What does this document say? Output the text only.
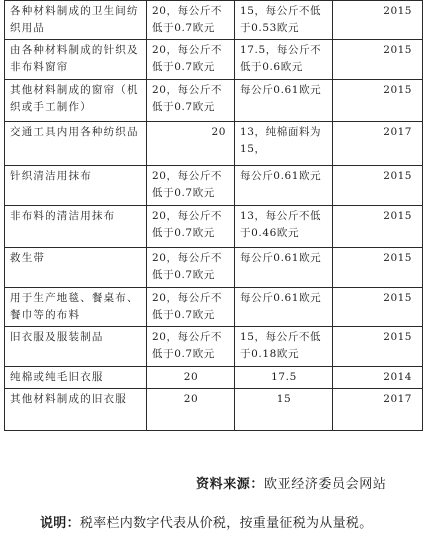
各种材料制成的卫生间纺织用品	20，每公斤不低于0.7欧元	15，每公斤不低于0.53欧元	2015
由各种材料制成的针织及非布料窗帘	20，每公斤不低于0.7欧元	17.5，每公斤不低于0.6欧元	2015
其他材料制成的窗帘（机织或手工制作）	20，每公斤不低于0.7欧元	每公斤0.61欧元	2015
交通工具内用各种纺织品	20	13，纯棉面料为15，	2017
针织清洁用抹布	20，每公斤不低于0.7欧元	每公斤0.61欧元	2015
非布料的清洁用抹布	20，每公斤不低于0.7欧元	13，每公斤不低于0.46欧元	2015
救生带	20，每公斤不低于0.7欧元	每公斤0.61欧元	2015
用于生产地毯、餐桌布、餐巾等的布料	20，每公斤不低于0.7欧元	每公斤0.61欧元	2015
旧衣服及服装制品	20，每公斤不低于0.7欧元	15，每公斤不低于0.18欧元	2015
纯棉或纯毛旧衣服	20	17.5	2014
其他材料制成的旧衣服	20	15	2017
资料来源：欧亚经济委员会网站
说明：税率栏内数字代表从价税，按重量征税为从量税。
